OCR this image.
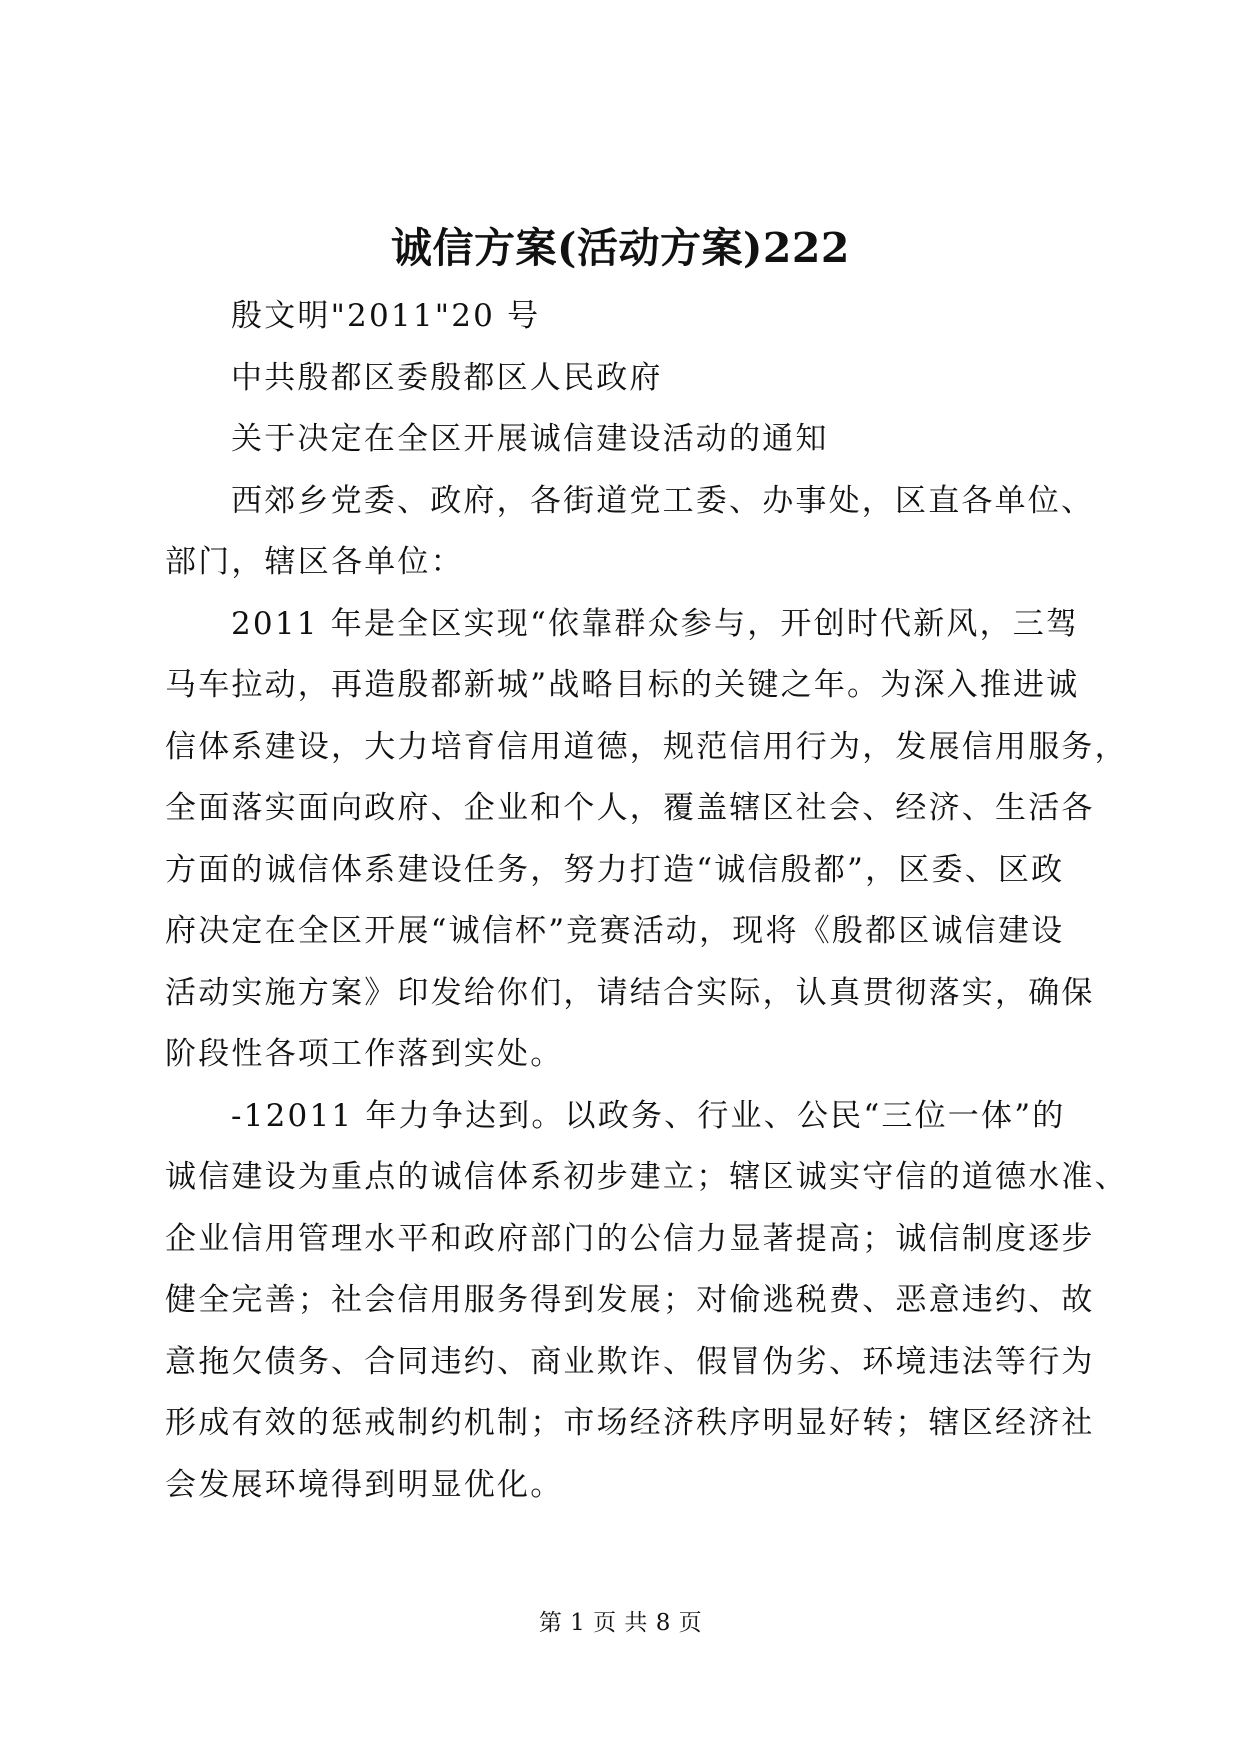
诚信方案(活动方案)222
殷文明"2011"20 号
中共殷都区委殷都区人民政府
关于决定在全区开展诚信建设活动的通知
西郊乡党委、政府，各街道党工委、办事处，区直各单位、
部门，辖区各单位：
2011 年是全区实现“依靠群众参与，开创时代新风，三驾
马车拉动，再造殷都新城”战略目标的关键之年。为深入推进诚
信体系建设，大力培育信用道德，规范信用行为，发展信用服务，
全面落实面向政府、企业和个人，覆盖辖区社会、经济、生活各
方面的诚信体系建设任务，努力打造“诚信殷都”，区委、区政
府决定在全区开展“诚信杯”竞赛活动，现将《殷都区诚信建设
活动实施方案》印发给你们，请结合实际，认真贯彻落实，确保
阶段性各项工作落到实处。
-12011 年力争达到。以政务、行业、公民“三位一体”的
诚信建设为重点的诚信体系初步建立；辖区诚实守信的道德水准、
企业信用管理水平和政府部门的公信力显著提高；诚信制度逐步
健全完善；社会信用服务得到发展；对偷逃税费、恶意违约、故
意拖欠债务、合同违约、商业欺诈、假冒伪劣、环境违法等行为
形成有效的惩戒制约机制；市场经济秩序明显好转；辖区经济社
会发展环境得到明显优化。
第 1 页 共 8 页
